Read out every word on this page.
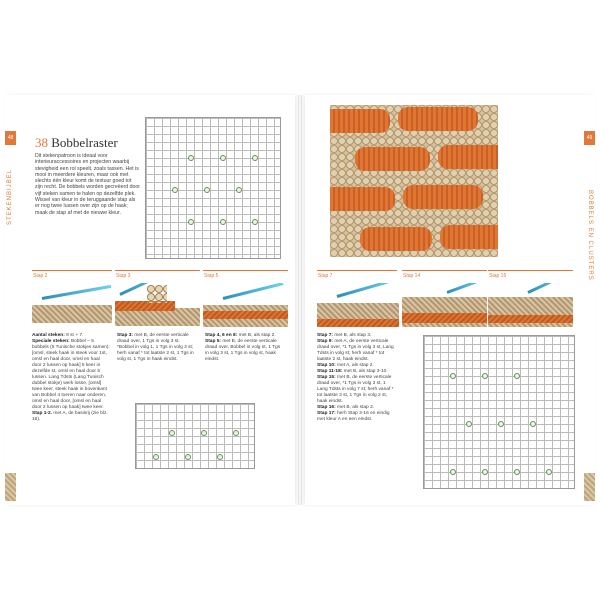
48
STEKENBIJBEL
38 Bobbelraster
Dit stekenpatroon is ideaal voor interieuraccessoires en projecten waarbij stevigheid een rol speelt, zoals tassen. Het is mooi in meerdere kleuren, maar ook met slechts één kleur komt de textuur goed tot zijn recht. De bobbels worden gecreëerd door vijf steken samen te halen op dezelfde plek. Wissel van kleur in de teruggaande stap als er nog twee lussen over zijn op de haak; maak de stap af met de nieuwe kleur.
Stap 2	Stap 3	Stap 5
Aantal steken: 8 st + 7.
Speciale steken: Bobbel – 5 bobbels (5 Tunische stokjes samen): [omsl, steek haak in steek voor 1st, omsl en haal door, omsl en haal door 2 lussen op haak] 5 keer in dezelfde st, omsl en haal door 5 lussen. Lang Tdsts (Lang Tunisch dubbel stokje) werk losse, [omsl] twee keer, steek haak in bovenkant van Bobbel 4 toeren naar onderen, omsl en haal door, [omsl en haal door 2 lussen op haak] twee keer.
Stap 1-2. met A, de basisrij (zie blz. 16).
Stap 3: met B, de eerste verticale draad over, 1 Tgs in volg 3 st. *Bobbel in volg 1, 1 Tgs in volg 3 st; herh vanaf * tot laatste 2 st, 1 Tgs in volg st, 1 Tgs in haak eindst.
Stap 4, 6 en 8: met B, als stap 2.
Stap 5: met B, de eerste verticale draad over, Bobbel in volg st, 1 Tgs in volg 3 st, 1 Tgs in volg st, haak eindst.
49
BOBBELS EN CLUSTERS
Stap 7	Stap 14	Stap 15

Stap 7: met B, als stap 3.

Stap 9: met A, de eerste verticale draad over, *1 Tgs in volg 3 st, Lang Tdsts in volg st; herh vanaf * tot laatste 2 st, haak eindst.

Stap 10: met A, als stap 2.

Stap 11-18: met B, als stap 3-10.

Stap 15: met B, de eerste verticale draad over, *1 Tgs in volg 3 st, 1 Lang Tdsts in volg 7 st; herh vanaf * tot laatste 3 st, 1 Tgs in volg 2 st, haak eindst.

Stap 16: met B, als stap 2.

Stap 17: herh Stap 3-16 en eindig met kleur A en een eindst.
